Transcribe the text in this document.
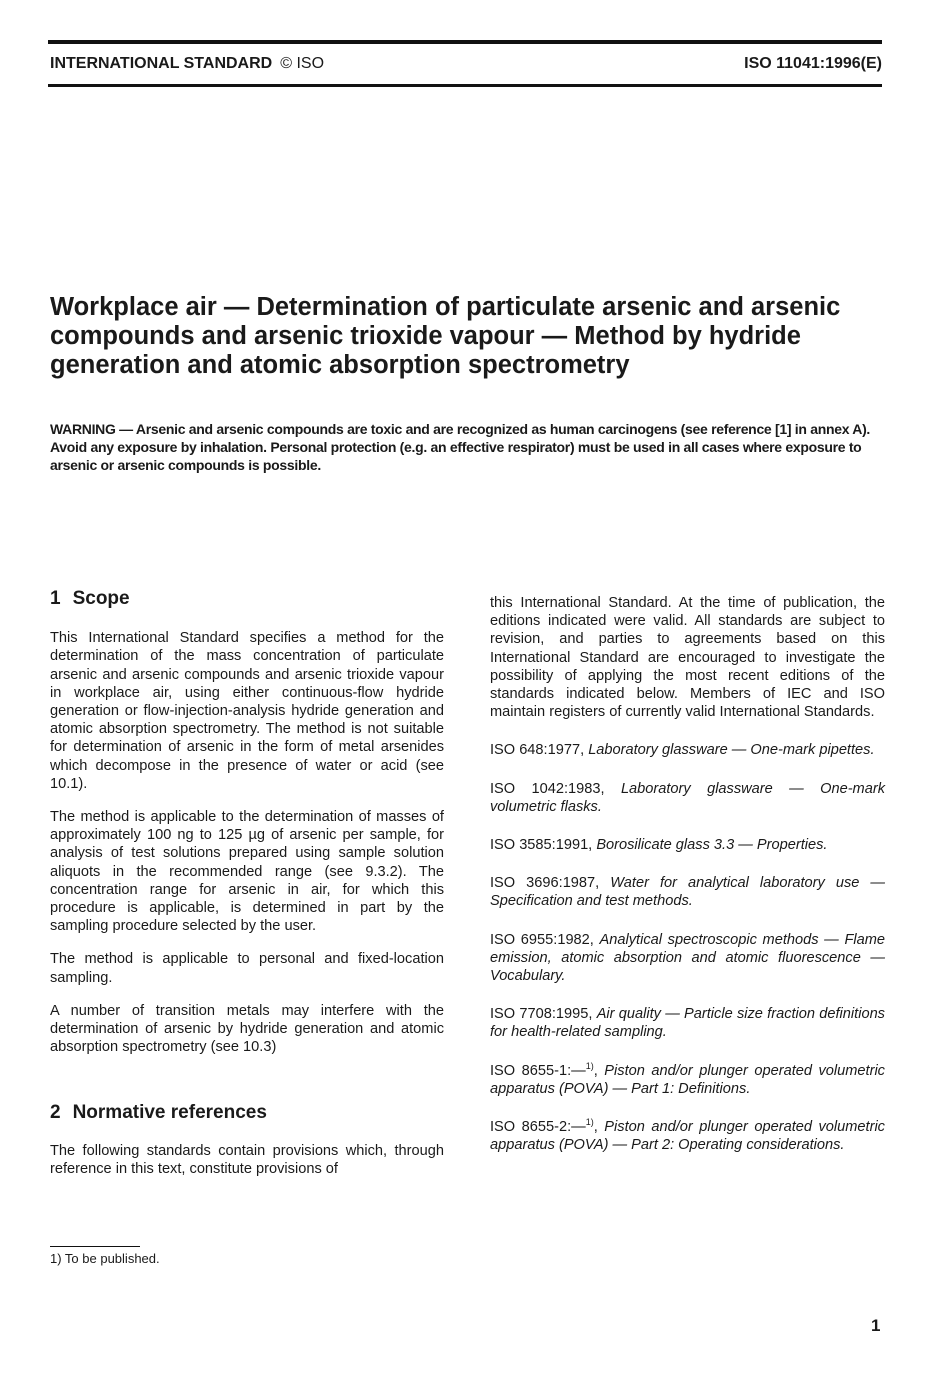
INTERNATIONAL STANDARD © ISO	ISO 11041:1996(E)
Workplace air — Determination of particulate arsenic and arsenic compounds and arsenic trioxide vapour — Method by hydride generation and atomic absorption spectrometry

WARNING — Arsenic and arsenic compounds are toxic and are recognized as human carcinogens (see reference [1] in annex A). Avoid any exposure by inhalation. Personal protection (e.g. an effective respirator) must be used in all cases where exposure to arsenic or arsenic compounds is possible.

1 Scope

This International Standard specifies a method for the determination of the mass concentration of particulate arsenic and arsenic compounds and arsenic trioxide vapour in workplace air, using either continuous-flow hydride generation or flow-injection-analysis hydride generation and atomic absorption spectrometry. The method is not suitable for determination of arsenic in the form of metal arsenides which decompose in the presence of water or acid (see 10.1).

The method is applicable to the determination of masses of approximately 100 ng to 125 µg of arsenic per sample, for analysis of test solutions prepared using sample solution aliquots in the recommended range (see 9.3.2). The concentration range for arsenic in air, for which this procedure is applicable, is determined in part by the sampling procedure selected by the user.

The method is applicable to personal and fixed-location sampling.

A number of transition metals may interfere with the determination of arsenic by hydride generation and atomic absorption spectrometry (see 10.3)

2 Normative references

The following standards contain provisions which, through reference in this text, constitute provisions of

this International Standard. At the time of publication, the editions indicated were valid. All standards are subject to revision, and parties to agreements based on this International Standard are encouraged to investigate the possibility of applying the most recent editions of the standards indicated below. Members of IEC and ISO maintain registers of currently valid International Standards.

ISO 648:1977, Laboratory glassware — One-mark pipettes.

ISO 1042:1983, Laboratory glassware — One-mark volumetric flasks.

ISO 3585:1991, Borosilicate glass 3.3 — Properties.

ISO 3696:1987, Water for analytical laboratory use — Specification and test methods.

ISO 6955:1982, Analytical spectroscopic methods — Flame emission, atomic absorption and atomic fluorescence — Vocabulary.

ISO 7708:1995, Air quality — Particle size fraction definitions for health-related sampling.

ISO 8655-1:—$^{1)}$, Piston and/or plunger operated volumetric apparatus (POVA) — Part 1: Definitions.

ISO 8655-2:—$^{1)}$, Piston and/or plunger operated volumetric apparatus (POVA) — Part 2: Operating considerations.

1) To be published.
1
